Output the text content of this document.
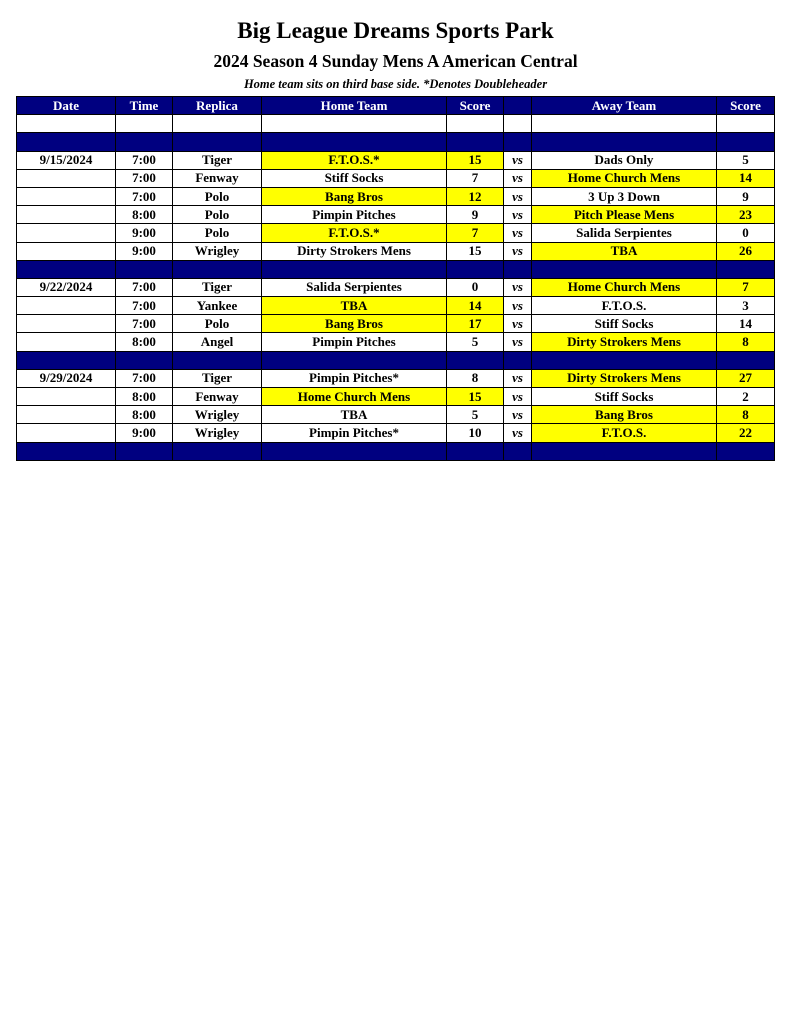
Big League Dreams Sports Park
2024 Season 4 Sunday Mens A American Central
Home team sits on third base side. *Denotes Doubleheader
Date	Time	Replica	Home Team	Score		Away Team	Score

9/15/2024	7:00	Tiger	F.T.O.S.*	15	vs	Dads Only	5
	7:00	Fenway	Stiff Socks	7	vs	Home Church Mens	14
	7:00	Polo	Bang Bros	12	vs	3 Up 3 Down	9
	8:00	Polo	Pimpin Pitches	9	vs	Pitch Please Mens	23
	9:00	Polo	F.T.O.S.*	7	vs	Salida Serpientes	0
	9:00	Wrigley	Dirty Strokers Mens	15	vs	TBA	26

9/22/2024	7:00	Tiger	Salida Serpientes	0	vs	Home Church Mens	7
	7:00	Yankee	TBA	14	vs	F.T.O.S.	3
	7:00	Polo	Bang Bros	17	vs	Stiff Socks	14
	8:00	Angel	Pimpin Pitches	5	vs	Dirty Strokers Mens	8

9/29/2024	7:00	Tiger	Pimpin Pitches*	8	vs	Dirty Strokers Mens	27
	8:00	Fenway	Home Church Mens	15	vs	Stiff Socks	2
	8:00	Wrigley	TBA	5	vs	Bang Bros	8
	9:00	Wrigley	Pimpin Pitches*	10	vs	F.T.O.S.	22
